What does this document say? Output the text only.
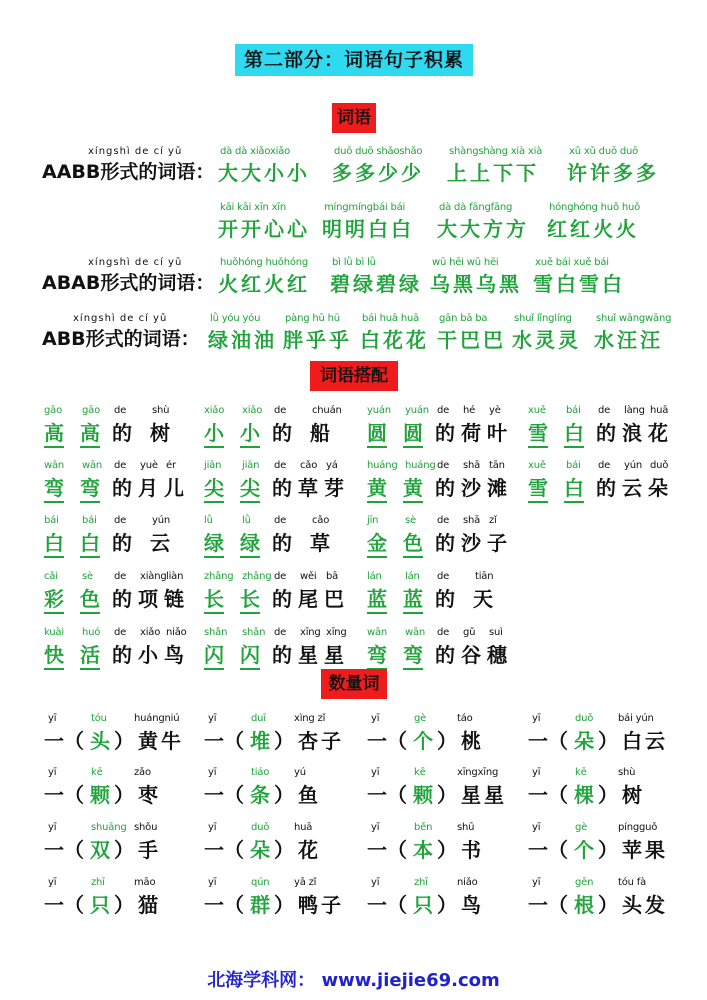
第二部分：词语句子积累
词语
xíngshì de cí yǔ
AABB形式的词语：
dà dà xiǎoxiǎo
大大小小
duō duō shǎoshǎo
多多少少
shàngshàng xià xià
上上下下
xǔ xǔ duō duō
许许多多
kāi kāi xīn xīn
开开心心
míngmíngbái bái
明明白白
dà dà fāngfāng
大大方方
hónghóng huǒ huǒ
红红火火
xíngshì de cí yǔ
ABAB形式的词语：
huǒhóng huǒhóng
火红火红
bì lǜ bì lǜ
碧绿碧绿
wū hēi wū hēi
乌黑乌黑
xuě bái xuě bái
雪白雪白
xíngshì de cí yǔ
ABB形式的词语：
lǜ yóu yóu
绿油油
pàng hū hū
胖乎乎
bái huā huā
白花花
gān bā ba
干巴巴
shuǐ lǐnglíng
水灵灵
shuǐ wāngwāng
水汪汪
词语搭配
gāo gāo
高 高
de
的
shù
树
xiǎo xiǎo
小 小
de
的
chuán
船
yuán yuán
圆 圆
de
的
hé
荷
yè
叶
xuě bái
雪 白
de
的
làng
浪
huā
花
wān wān
弯 弯
de
的
yuè
月
ér
儿
jiān jiān
尖 尖
de
的
cǎo
草
yá
芽
huáng huáng
黄 黄
de
的
shā
沙
tān
滩
xuě bái
雪 白
de
的
yún
云
duǒ
朵
bái bái
白 白
de
的
yún
云
lǜ	lǜ
绿 绿
de
的
cǎo
草
jīn	sè
金 色
de
的
shā
沙
zǐ
子
cǎi sè
彩 色
de
的
xiàng
项
liàn
链
zhǎng zhǎng
长 长
de
的
wěi
尾
bā
巴
lán lán
蓝 蓝
de
的
tiān
天
kuài huó
快 活
de
的
xiǎo
小
niǎo
鸟
shǎn shǎn
闪 闪
de
的
xīng
星
xīng
星
wān wān
弯 弯
de
的
gǔ
谷
suì
穗
数量词
yī
一 （
tóu
头 ）
huángniú
黄牛
yī
一 （
duī
堆 ）
xìng zǐ
杏子
yī
一 （
gè
个 ）
táo
桃
yī
一 （
duǒ
朵 ）
bái yún
白云
yī
一 （
kē
颗 ）
zǎo
枣
yī
一 （
tiáo
条 ）
yú
鱼
yī
一 （
kē
颗 ）
xīngxīng
星星
yī
一 （
kē
棵 ）
shù
树
yī
一 （
shuāng
双 ）
shǒu
手
yī
一 （
duǒ
朵 ）
huā
花
yī
一 （
běn
本 ）
shū
书
yī
一 （
gè
个 ）
píngguǒ
苹果
yī
一 （
zhī
只 ）
māo
猫
yī
一 （
qún
群 ）
yā zǐ
鸭子
yī
一 （
zhī
只 ）
niǎo
鸟
yī
一 （
gēn
根 ）
tóu fà
头发
北海学科网： www.jiejie69.com
